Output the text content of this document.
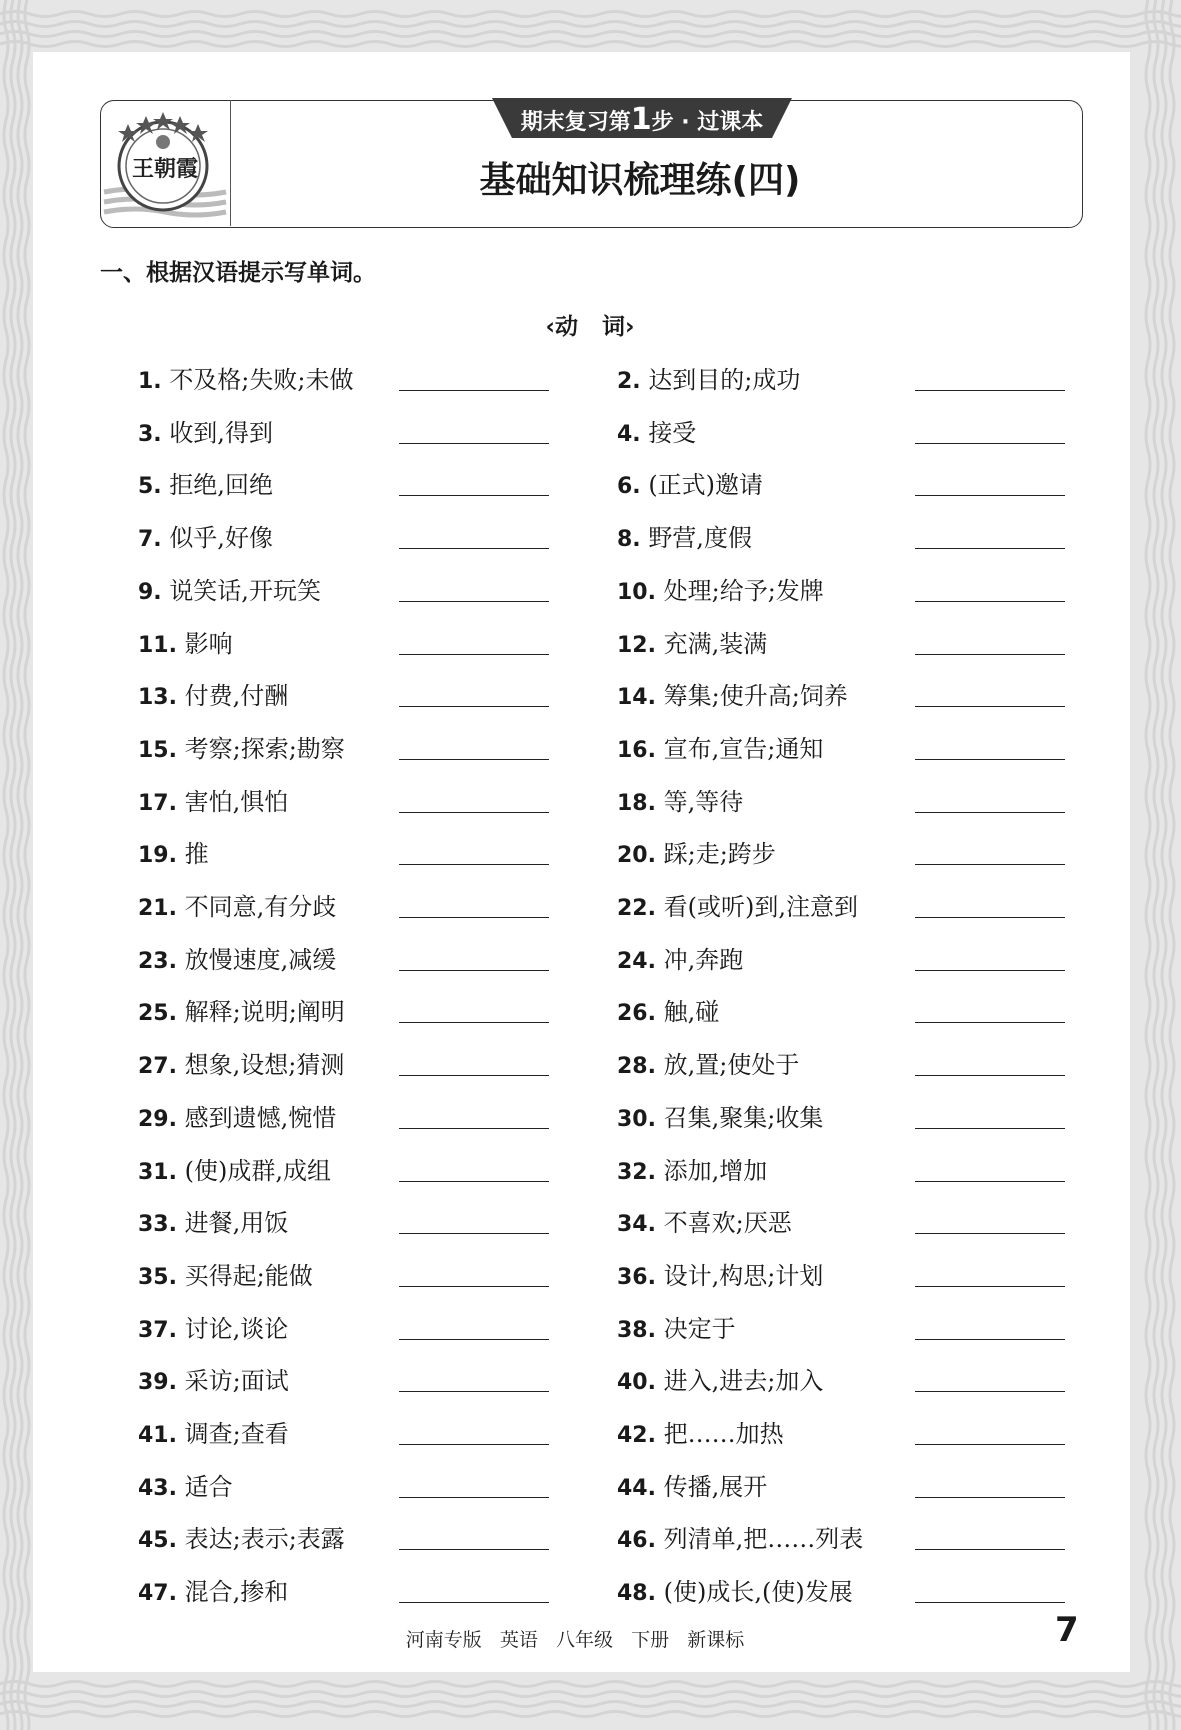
王朝霞
期末复习第1步 · 过课本
基础知识梳理练(四)
一、根据汉语提示写单词。
‹动   词›
1. 不及格;失败;未做	2. 达到目的;成功
3. 收到,得到	4. 接受
5. 拒绝,回绝	6. (正式)邀请
7. 似乎,好像	8. 野营,度假
9. 说笑话,开玩笑	10. 处理;给予;发牌
11. 影响	12. 充满,装满
13. 付费,付酬	14. 筹集;使升高;饲养
15. 考察;探索;勘察	16. 宣布,宣告;通知
17. 害怕,惧怕	18. 等,等待
19. 推	20. 踩;走;跨步
21. 不同意,有分歧	22. 看(或听)到,注意到
23. 放慢速度,减缓	24. 冲,奔跑
25. 解释;说明;阐明	26. 触,碰
27. 想象,设想;猜测	28. 放,置;使处于
29. 感到遗憾,惋惜	30. 召集,聚集;收集
31. (使)成群,成组	32. 添加,增加
33. 进餐,用饭	34. 不喜欢;厌恶
35. 买得起;能做	36. 设计,构思;计划
37. 讨论,谈论	38. 决定于
39. 采访;面试	40. 进入,进去;加入
41. 调查;查看	42. 把……加热
43. 适合	44. 传播,展开
45. 表达;表示;表露	46. 列清单,把……列表
47. 混合,掺和	48. (使)成长,(使)发展
河南专版   英语   八年级   下册   新课标	7
